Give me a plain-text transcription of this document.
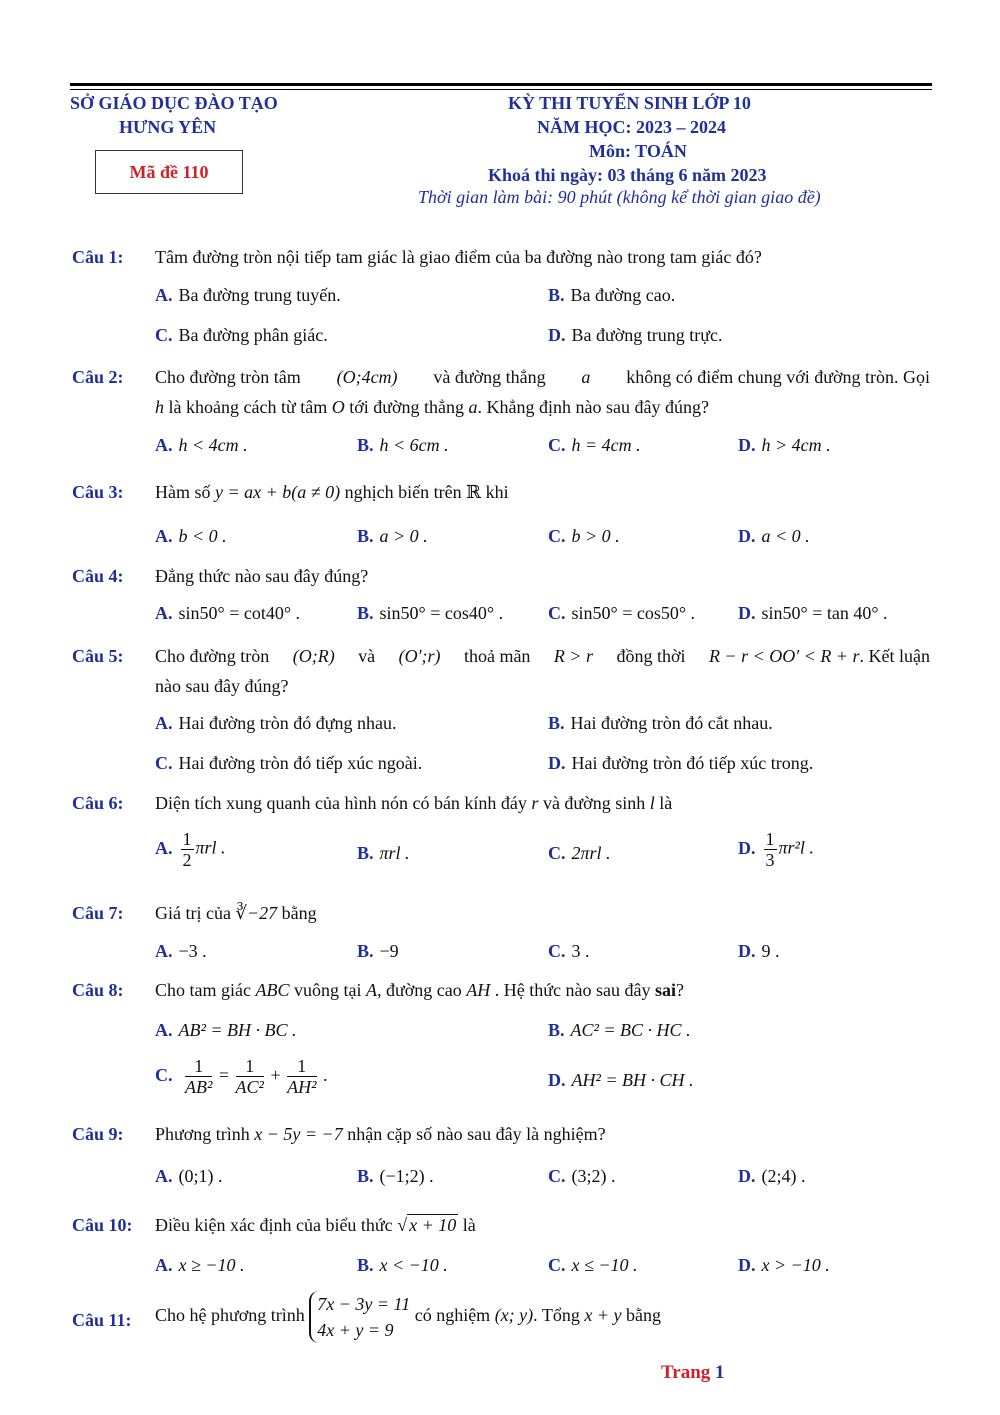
SỞ GIÁO DỤC ĐÀO TẠO
HƯNG YÊN
Mã đề 110
KỲ THI TUYỂN SINH LỚP 10
NĂM HỌC: 2023 – 2024
Môn: TOÁN
Khoá thi ngày: 03 tháng 6 năm 2023
Thời gian làm bài: 90 phút (không kể thời gian giao đề)
Câu 1: Tâm đường tròn nội tiếp tam giác là giao điểm của ba đường nào trong tam giác đó?
A. Ba đường trung tuyến.	B. Ba đường cao.
C. Ba đường phân giác.	D. Ba đường trung trực.
Câu 2: Cho đường tròn tâm (O;4cm) và đường thẳng a không có điểm chung với đường tròn. Gọi
h là khoảng cách từ tâm O tới đường thẳng a. Khẳng định nào sau đây đúng?
A. h < 4cm .	B. h < 6cm .	C. h = 4cm .	D. h > 4cm .
Câu 3: Hàm số y = ax + b(a ≠ 0) nghịch biến trên ℝ khi
A. b < 0 .	B. a > 0 .	C. b > 0 .	D. a < 0 .
Câu 4: Đẳng thức nào sau đây đúng?
A. sin50° = cot40° .	B. sin50° = cos40° . C. sin50° = cos50° . D. sin50° = tan 40° .
Câu 5: Cho đường tròn (O;R) và (O′;r) thoả mãn R > r đồng thời R − r < OO′ < R + r. Kết luận
nào sau đây đúng?
A. Hai đường tròn đó đựng nhau.	B. Hai đường tròn đó cắt nhau.
C. Hai đường tròn đó tiếp xúc ngoài.	D. Hai đường tròn đó tiếp xúc trong.
Câu 6: Diện tích xung quanh của hình nón có bán kính đáy r và đường sinh l là
A. $\frac{1}{2}$ πrl .	B. πrl .	C. 2πrl .	D. $\frac{1}{3} \pi r^2l$ .
Câu 7: Giá trị của ∛−27 bằng
A. −3 .	B. −9	C. 3 .	D. 9 .
Câu 8: Cho tam giác ABC vuông tại A, đường cao AH . Hệ thức nào sau đây sai?
A. AB² = BH · BC .	B. AC² = BC · HC .
C. $\frac{1}{\text{AB²}} = \frac{1}{\text{AC²}} + \frac{1}{\text{AH²}}$ .	D. AH² = BH · CH .
Câu 9: Phương trình x − 5y = −7 nhận cặp số nào sau đây là nghiệm?
A. (0;1) .	B. (−1;2) .	C. (3;2) .	D. (2;4) .
Câu 10: Điều kiện xác định của biểu thức √ x + 10 là
A. x ≥ −10 .	B. x < −10 .	C. x ≤ −10 .	D. x > −10 .
Câu 11: Cho hệ phương trình
7x − 3y = 11
4x + y = 9
có nghiệm (x; y). Tổng x + y bằng
Trang 1
